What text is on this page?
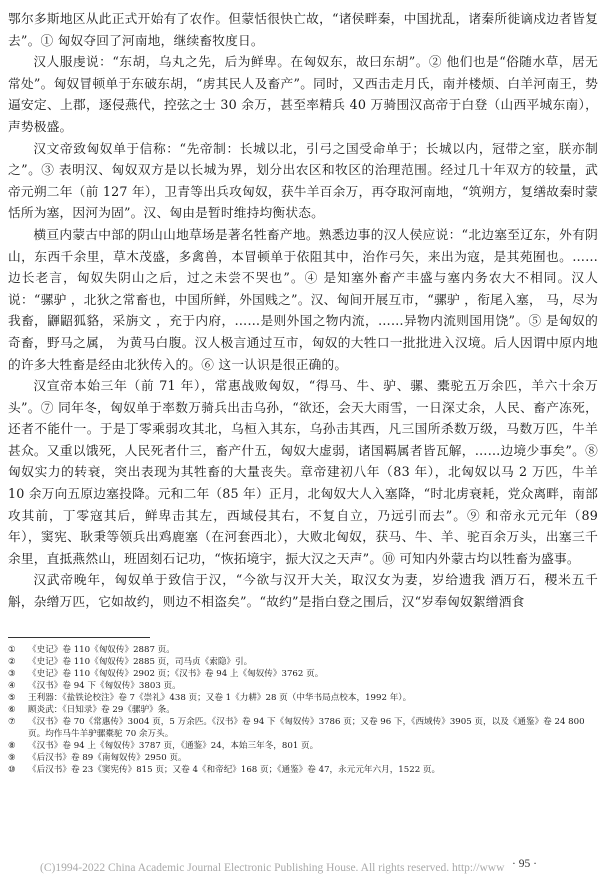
鄂尔多斯地区从此正式开始有了农作。但蒙恬很快亡故，“诸侯畔秦，中国扰乱，诸秦所徙谪戍边者皆复去”。① 匈奴夺回了河南地，继续畜牧度日。

汉人服虔说：“东胡，乌丸之先，后为鲜卑。在匈奴东，故曰东胡”。② 他们也是“俗随水草，居无常处”。匈奴冒顿单于东破东胡，“虏其民人及畜产”。同时，又西击走月氏，南并楼烦、白羊河南王，势逼安定、上郡，逐侵燕代，控弦之士 30 余万，甚至率精兵 40 万骑围汉高帝于白登（山西平城东南），声势极盛。

汉文帝致匈奴单于信称：“先帝制：长城以北，引弓之国受命单于；长城以内，冠带之室，朕亦制之”。③ 表明汉、匈奴双方是以长城为界，划分出农区和牧区的治理范围。经过几十年双方的较量，武帝元朔二年（前 127 年），卫青等出兵攻匈奴，获牛羊百余万，再夺取河南地，“筑朔方，复缮故秦时蒙恬所为塞，因河为固”。汉、匈由是暂时维持均衡状态。

横亘内蒙古中部的阴山山地草场是著名牲畜产地。熟悉边事的汉人侯应说：“北边塞至辽东，外有阴山，东西千余里，草木茂盛，多禽兽，本冒顿单于依阻其中，治作弓矢，来出为寇，是其苑囿也。……边长老言，匈奴失阴山之后，过之未尝不哭也”。④ 是知塞外畜产丰盛与塞内务农大不相同。汉人说：“骡驴 ，北狄之常畜也，中国所鲜，外国贱之”。汉、匈间开展互市，“骡驴 ，衔尾入塞， 马，尽为我畜，鼲鼦狐貉，采旃文 ，充于内府，……是则外国之物内流，……异物内流则国用饶”。⑤ 是匈奴的奇畜，野马之属， 为黄马白腹。汉人极言通过互市，匈奴的大牲口一批批进入汉境。后人因谓中原内地的许多大牲畜是经由北狄传入的。⑥ 这一认识是很正确的。

汉宣帝本始三年（前 71 年），常惠战败匈奴，“得马、牛、驴、骡、橐驼五万余匹，羊六十余万头”。⑦ 同年冬，匈奴单于率数万骑兵出击乌孙，“欲还，会天大雨雪，一日深丈余，人民、畜产冻死，还者不能什一。于是丁零乘弱攻其北，乌桓入其东，乌孙击其西，凡三国所杀数万级，马数万匹，牛羊甚众。又重以饿死，人民死者什三，畜产什五，匈奴大虚弱，诸国羁属者皆瓦解，……边境少事矣”。⑧ 匈奴实力的转衰，突出表现为其牲畜的大量丧失。章帝建初八年（83 年），北匈奴以马 2 万匹，牛羊 10 余万向五原边塞投降。元和二年（85 年）正月，北匈奴大人入塞降，“时北虏衰耗，党众离畔，南部攻其前，丁零寇其后，鲜卑击其左，西域侵其右，不复自立，乃远引而去”。⑨ 和帝永元元年（89 年），窦宪、耿秉等领兵出鸡鹿塞（在河套西北），大败北匈奴，获马、牛、羊、驼百余万头，出塞三千余里，直抵燕然山，班固刻石记功，“恢拓境宇，振大汉之天声”。⑩ 可知内外蒙古均以牲畜为盛事。

汉武帝晚年，匈奴单于致信于汉，“今欲与汉开大关，取汉女为妻，岁给遗我 酒万石，稷米五千斛，杂缯万匹，它如故约，则边不相盗矣”。“故约”是指白登之围后，汉“岁奉匈奴絮缯酒食

①	《史记》卷 110《匈奴传》2887 页。
②	《史记》卷 110《匈奴传》2885 页，司马贞《索隐》引。
③	《史记》卷 110《匈奴传》2902 页；《汉书》卷 94 上《匈奴传》3762 页。
④	《汉书》卷 94 下《匈奴传》3803 页。
⑤	王利器：《盐铁论校注》卷 7《崇礼》438 页；又卷 1《力耕》28 页（中华书局点校本，1992 年）。
⑥	顾炎武：《日知录》卷 29《骡驴》条。
⑦	《汉书》卷 70《常惠传》3004 页，5 万余匹。《汉书》卷 94 下《匈奴传》3786 页；又卷 96 下，《西域传》3905 页，以及《通鉴》卷 24 800 页。均作马牛羊驴骡橐驼 70 余万头。
⑧	《汉书》卷 94 上《匈奴传》3787 页，《通鉴》24，本始三年冬，801 页。
⑨	《后汉书》卷 89《南匈奴传》2950 页。
⑩	《后汉书》卷 23《窦宪传》815 页；又卷 4《和帝纪》168 页；《通鉴》卷 47，永元元年六月，1522 页。
(C)1994-2022 China Academic Journal Electronic Publishing House. All rights reserved. http://www · 95 ·
